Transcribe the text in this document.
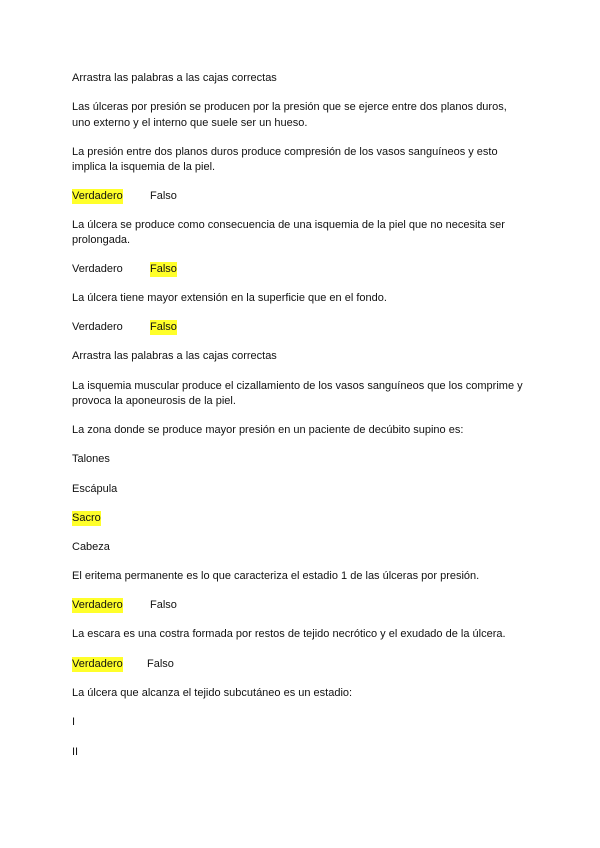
Arrastra las palabras a las cajas correctas

Las úlceras por presión se producen por la presión que se ejerce entre dos planos duros,

uno externo y el interno que suele ser un hueso.

La presión entre dos planos duros produce compresión de los vasos sanguíneos y esto

implica la isquemia de la piel.

Verdadero Falso

La úlcera se produce como consecuencia de una isquemia de la piel que no necesita ser

prolongada.

Verdadero Falso

La úlcera tiene mayor extensión en la superficie que en el fondo.

Verdadero Falso

Arrastra las palabras a las cajas correctas

La isquemia muscular produce el cizallamiento de los vasos sanguíneos que los comprime y

provoca la aponeurosis de la piel.

La zona donde se produce mayor presión en un paciente de decúbito supino es:

Talones
Escápula
Sacro
Cabeza

El eritema permanente es lo que caracteriza el estadio 1 de las úlceras por presión.

Verdadero Falso

La escara es una costra formada por restos de tejido necrótico y el exudado de la úlcera.

Verdadero Falso

La úlcera que alcanza el tejido subcutáneo es un estadio:

I
II
